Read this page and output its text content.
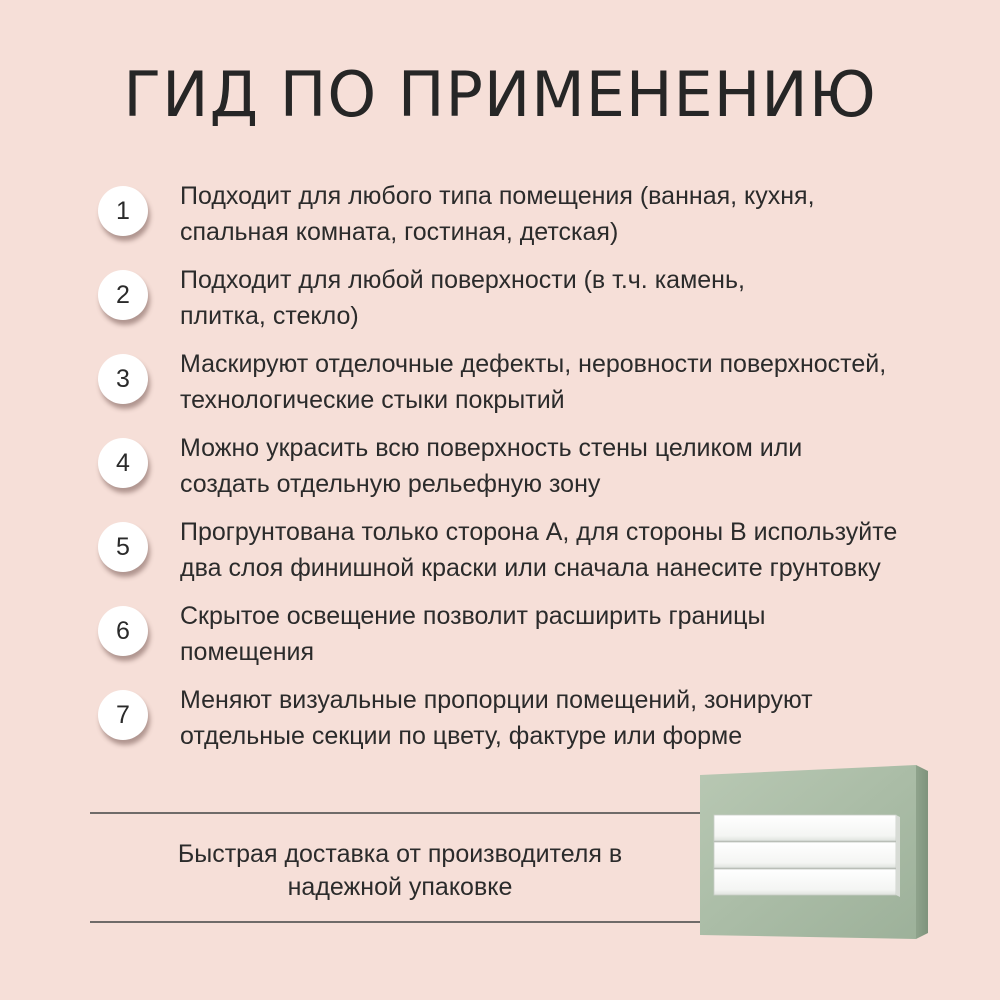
ГИД ПО ПРИМЕНЕНИЮ
1
Подходит для любого типа помещения (ванная, кухня,
спальная комната, гостиная, детская)
2
Подходит для любой поверхности (в т.ч. камень,
плитка, стекло)
3
Маскируют отделочные дефекты, неровности поверхностей,
технологические стыки покрытий
4
Можно украсить всю поверхность стены целиком или
создать отдельную рельефную зону
5
Прогрунтована только сторона А, для стороны В используйте
два слоя финишной краски или сначала нанесите грунтовку
6
Скрытое освещение позволит расширить границы
помещения
7
Меняют визуальные пропорции помещений, зонируют
отдельные секции по цвету, фактуре или форме
Быстрая доставка от производителя в
надежной упаковке
